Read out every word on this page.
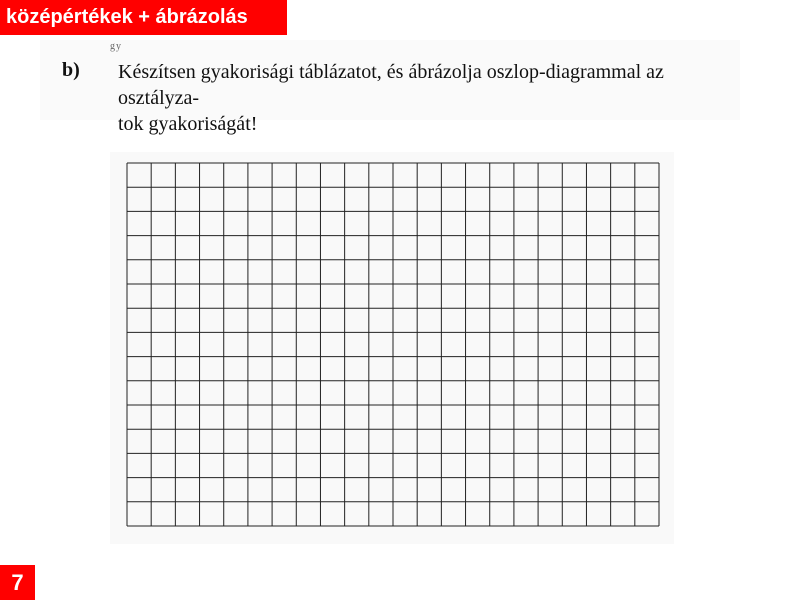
középértékek + ábrázolás
gy
b) Készítsen gyakorisági táblázatot, és ábrázolja oszlop-diagrammal az osztályza-
tok gyakoriságát!
7
